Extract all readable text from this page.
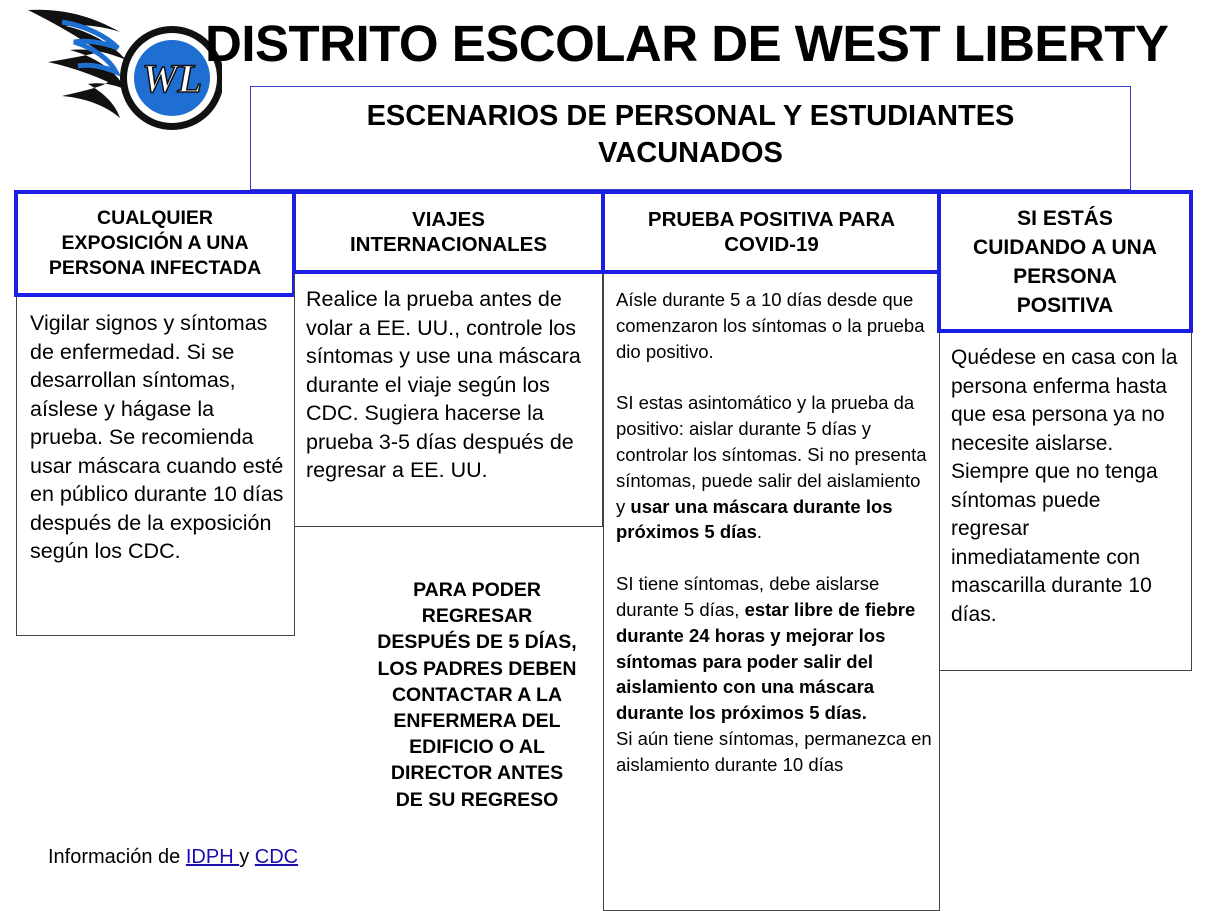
WL
DISTRITO ESCOLAR DE WEST LIBERTY
ESCENARIOS DE PERSONAL Y ESTUDIANTES
VACUNADOS

Vigilar signos y síntomas de enfermedad. Si se desarrollan síntomas, aíslese y hágase la prueba. Se recomienda usar máscara cuando esté en público durante 10 días después de la exposición según los CDC.

CUALQUIER
EXPOSICIÓN A UNA
PERSONA INFECTADA

Realice la prueba antes de volar a EE. UU., controle los síntomas y use una máscara durante el viaje según los CDC. Sugiera hacerse la prueba 3-5 días después de regresar a EE. UU.

VIAJES
INTERNACIONALES
PARA PODER
REGRESAR
DESPUÉS DE 5 DÍAS,
LOS PADRES DEBEN
CONTACTAR A LA
ENFERMERA DEL
EDIFICIO O AL
DIRECTOR ANTES
DE SU REGRESO

Aísle durante 5 a 10 días desde que comenzaron los síntomas o la prueba dio positivo.

SI estas asintomático y la prueba da positivo: aislar durante 5 días y controlar los síntomas. Si no presenta síntomas, puede salir del aislamiento y usar una máscara durante los próximos 5 días.

SI tiene síntomas, debe aislarse durante 5 días, estar libre de fiebre durante 24 horas y mejorar los síntomas para poder salir del aislamiento con una máscara durante los próximos 5 días.

Si aún tiene síntomas, permanezca en aislamiento durante 10 días

PRUEBA POSITIVA PARA
COVID-19

Quédese en casa con la persona enferma hasta que esa persona ya no necesite aislarse. Siempre que no tenga síntomas puede regresar inmediatamente con mascarilla durante 10 días.

SI ESTÁS
CUIDANDO A UNA
PERSONA
POSITIVA
Información de IDPH y CDC
